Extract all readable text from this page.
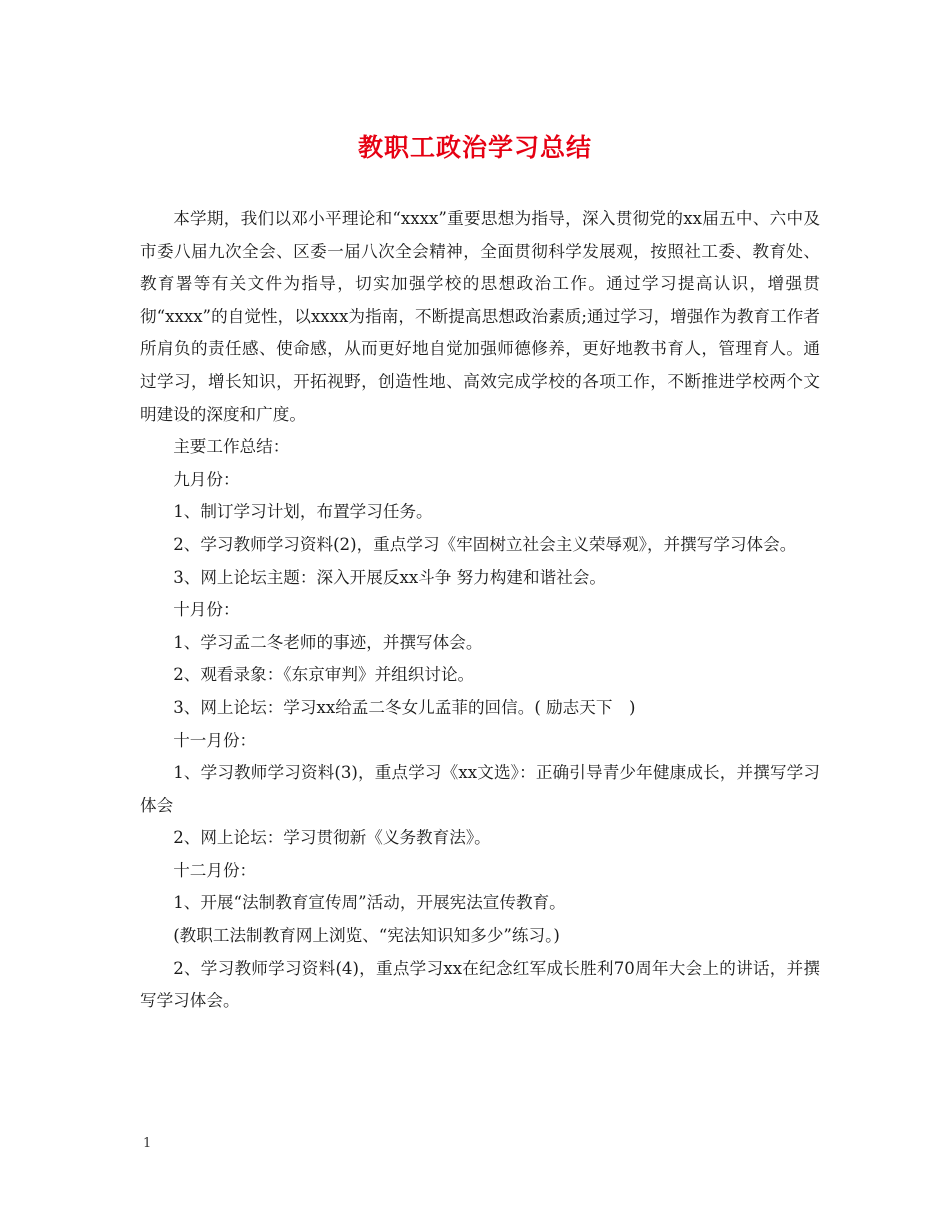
教职工政治学习总结

本学期，我们以邓小平理论和“xxxx”重要思想为指导，深入贯彻党的xx届五中、六中及市委八届九次全会、区委一届八次全会精神，全面贯彻科学发展观，按照社工委、教育处、教育署等有关文件为指导，切实加强学校的思想政治工作。通过学习提高认识，增强贯彻“xxxx”的自觉性，以xxxx为指南，不断提高思想政治素质;通过学习，增强作为教育工作者所肩负的责任感、使命感，从而更好地自觉加强师德修养，更好地教书育人，管理育人。通过学习，增长知识，开拓视野，创造性地、高效完成学校的各项工作，不断推进学校两个文明建设的深度和广度。

主要工作总结：

九月份：

1、制订学习计划，布置学习任务。

2、学习教师学习资料(2)，重点学习《牢固树立社会主义荣辱观》，并撰写学习体会。

3、网上论坛主题：深入开展反xx斗争 努力构建和谐社会。

十月份：

1、学习孟二冬老师的事迹，并撰写体会。

2、观看录象：《东京审判》并组织讨论。

3、网上论坛：学习xx给孟二冬女儿孟菲的回信。( 励志天下　)

十一月份：

1、学习教师学习资料(3)，重点学习《xx文选》：正确引导青少年健康成长，并撰写学习体会

2、网上论坛：学习贯彻新《义务教育法》。

十二月份：

1、开展“法制教育宣传周”活动，开展宪法宣传教育。

(教职工法制教育网上浏览、“宪法知识知多少”练习。)

2、学习教师学习资料(4)，重点学习xx在纪念红军成长胜利70周年大会上的讲话，并撰写学习体会。

1
